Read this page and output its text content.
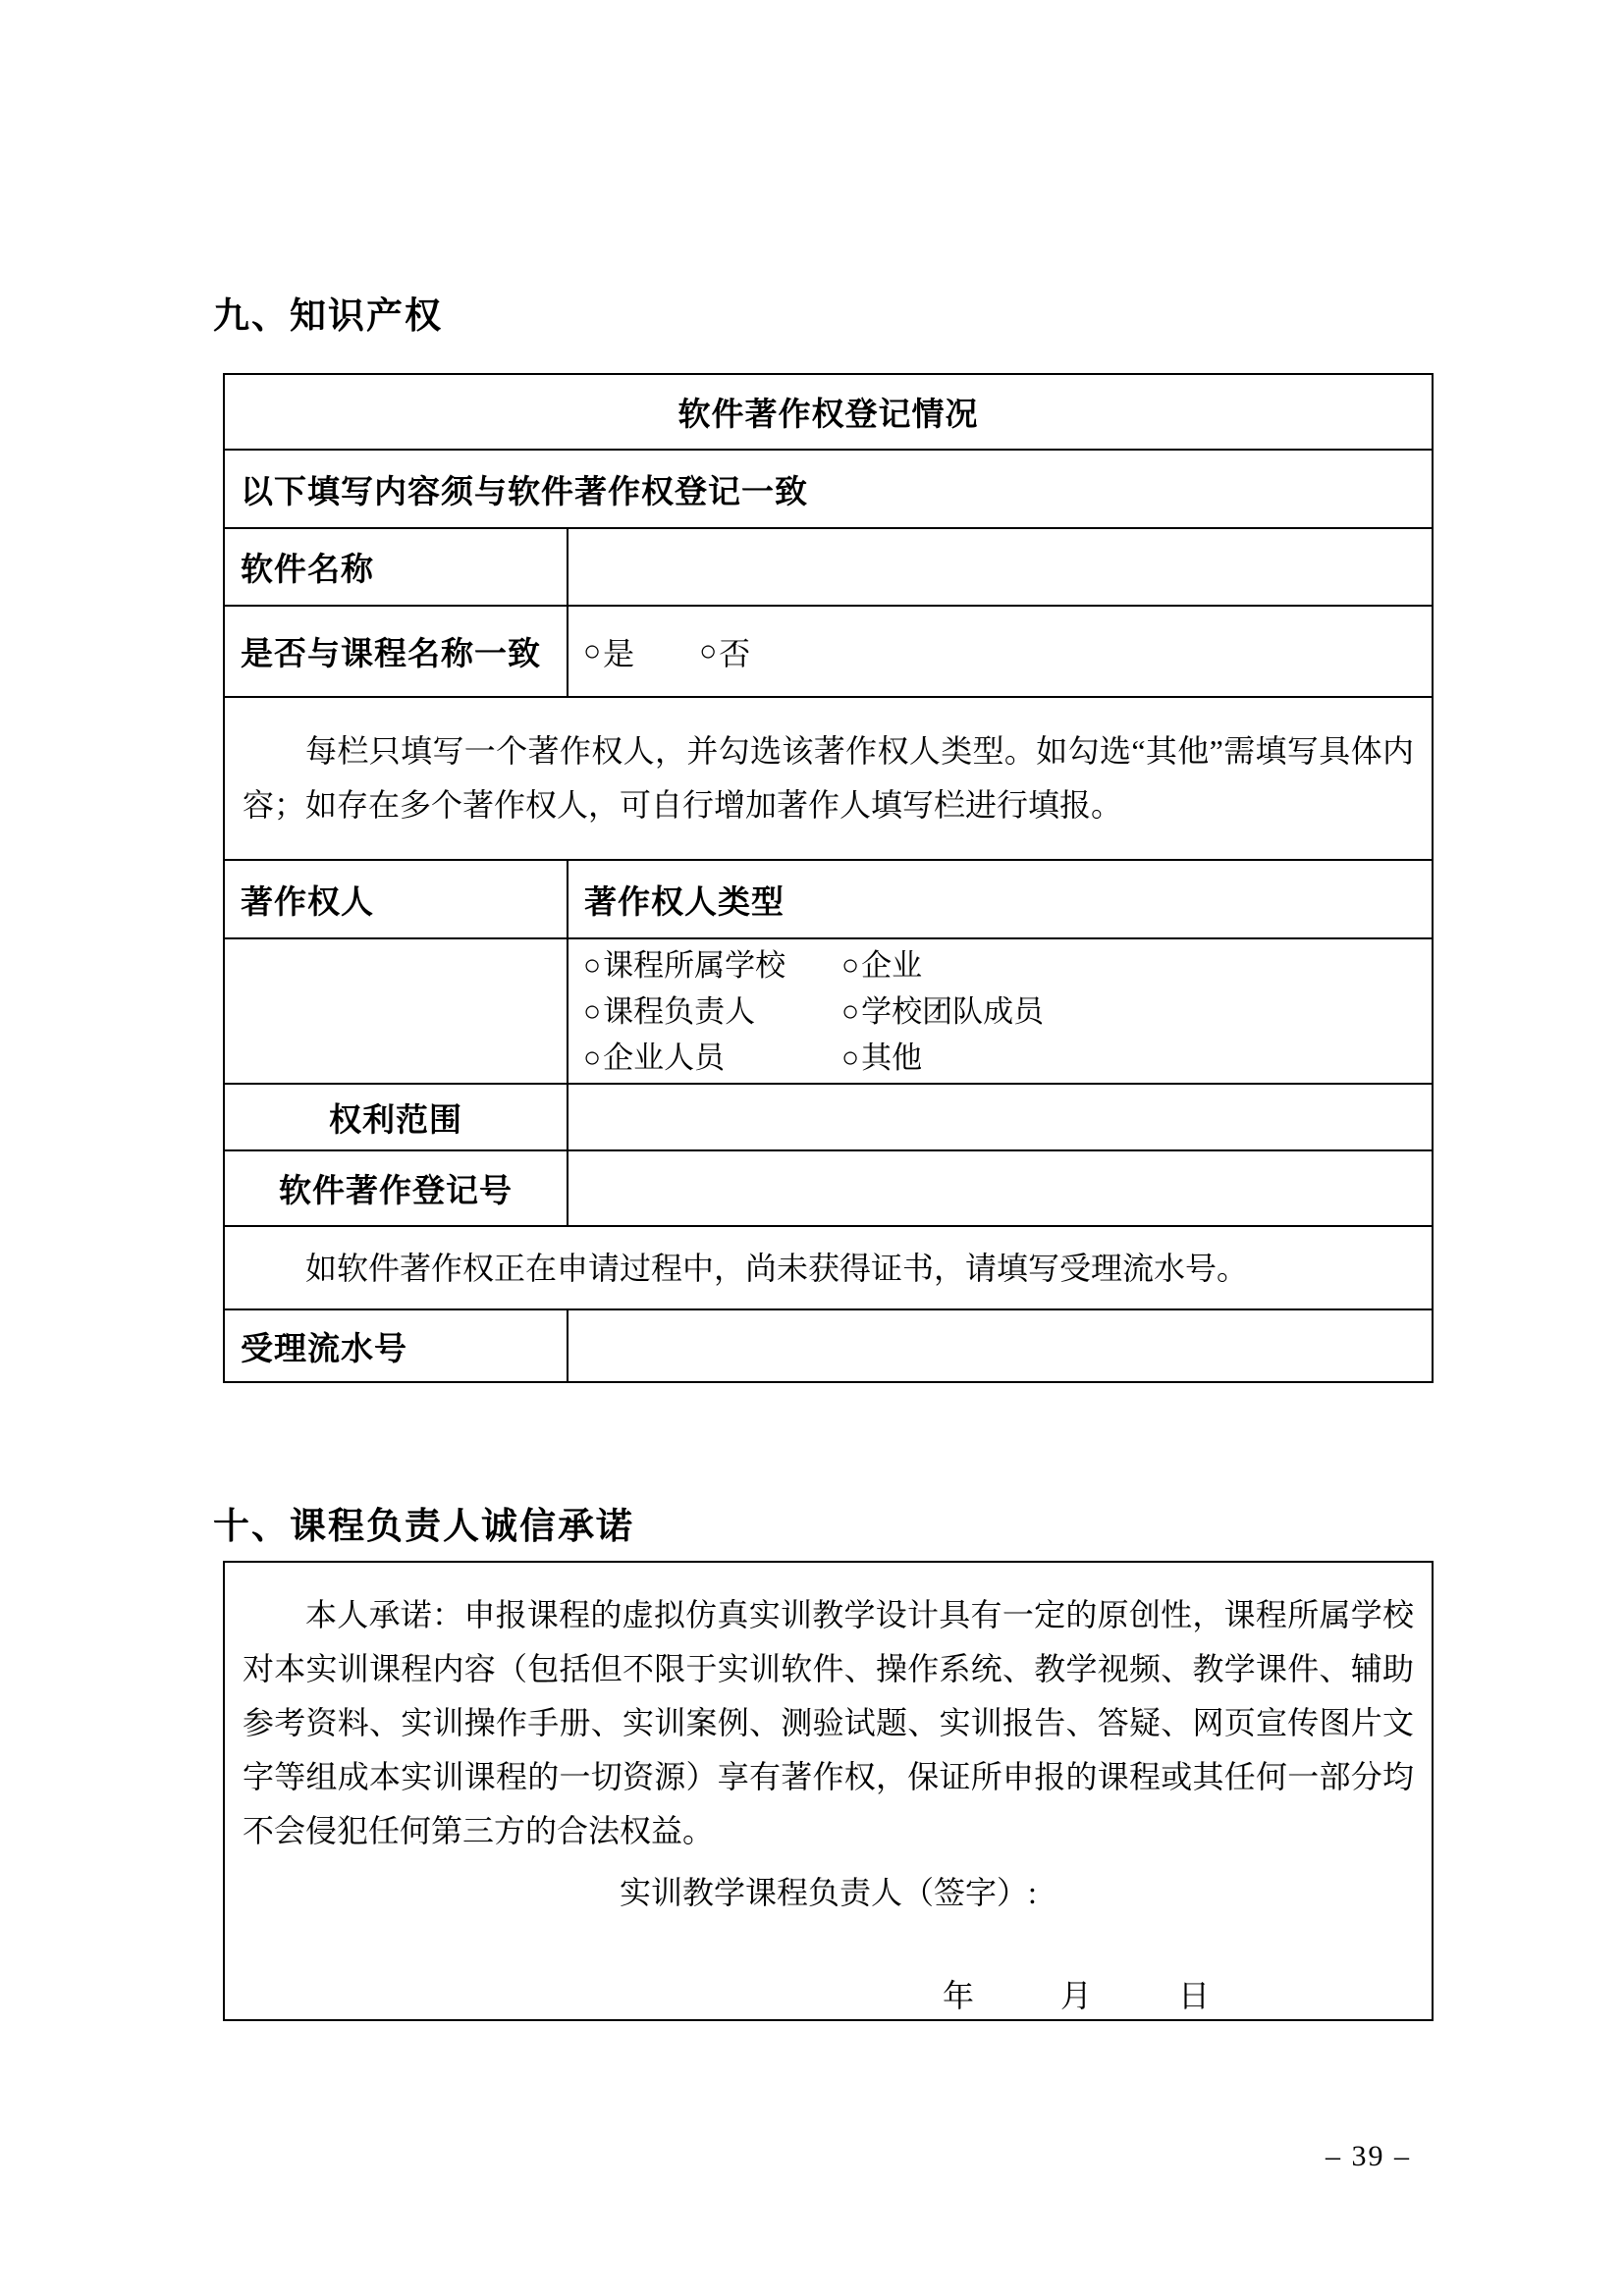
九、知识产权
软件著作权登记情况
以下填写内容须与软件著作权登记一致
软件名称
是否与课程名称一致	○ 是 ○ 否

每栏只填写一个著作权人，并勾选该著作权人类型。如勾选“其他”需填写具体内容；如存在多个著作权人，可自行增加著作人填写栏进行填报。

著作权人	著作权人类型
○ 课程所属学校 ○ 企业
○ 课程负责人	○ 学校团队成员
○ 企业人员	○ 其他
权利范围
软件著作登记号

如软件著作权正在申请过程中，尚未获得证书，请填写受理流水号。

受理流水号
十、课程负责人诚信承诺

本人承诺：申报课程的虚拟仿真实训教学设计具有一定的原创性，课程所属学校对本实训课程内容（包括但不限于实训软件、操作系统、教学视频、教学课件、辅助参考资料、实训操作手册、实训案例、测验试题、实训报告、答疑、网页宣传图片文字等组成本实训课程的一切资源）享有著作权，保证所申报的课程或其任何一部分均不会侵犯任何第三方的合法权益。

实训教学课程负责人（签字）:
年　　月　　日
– 39 –
